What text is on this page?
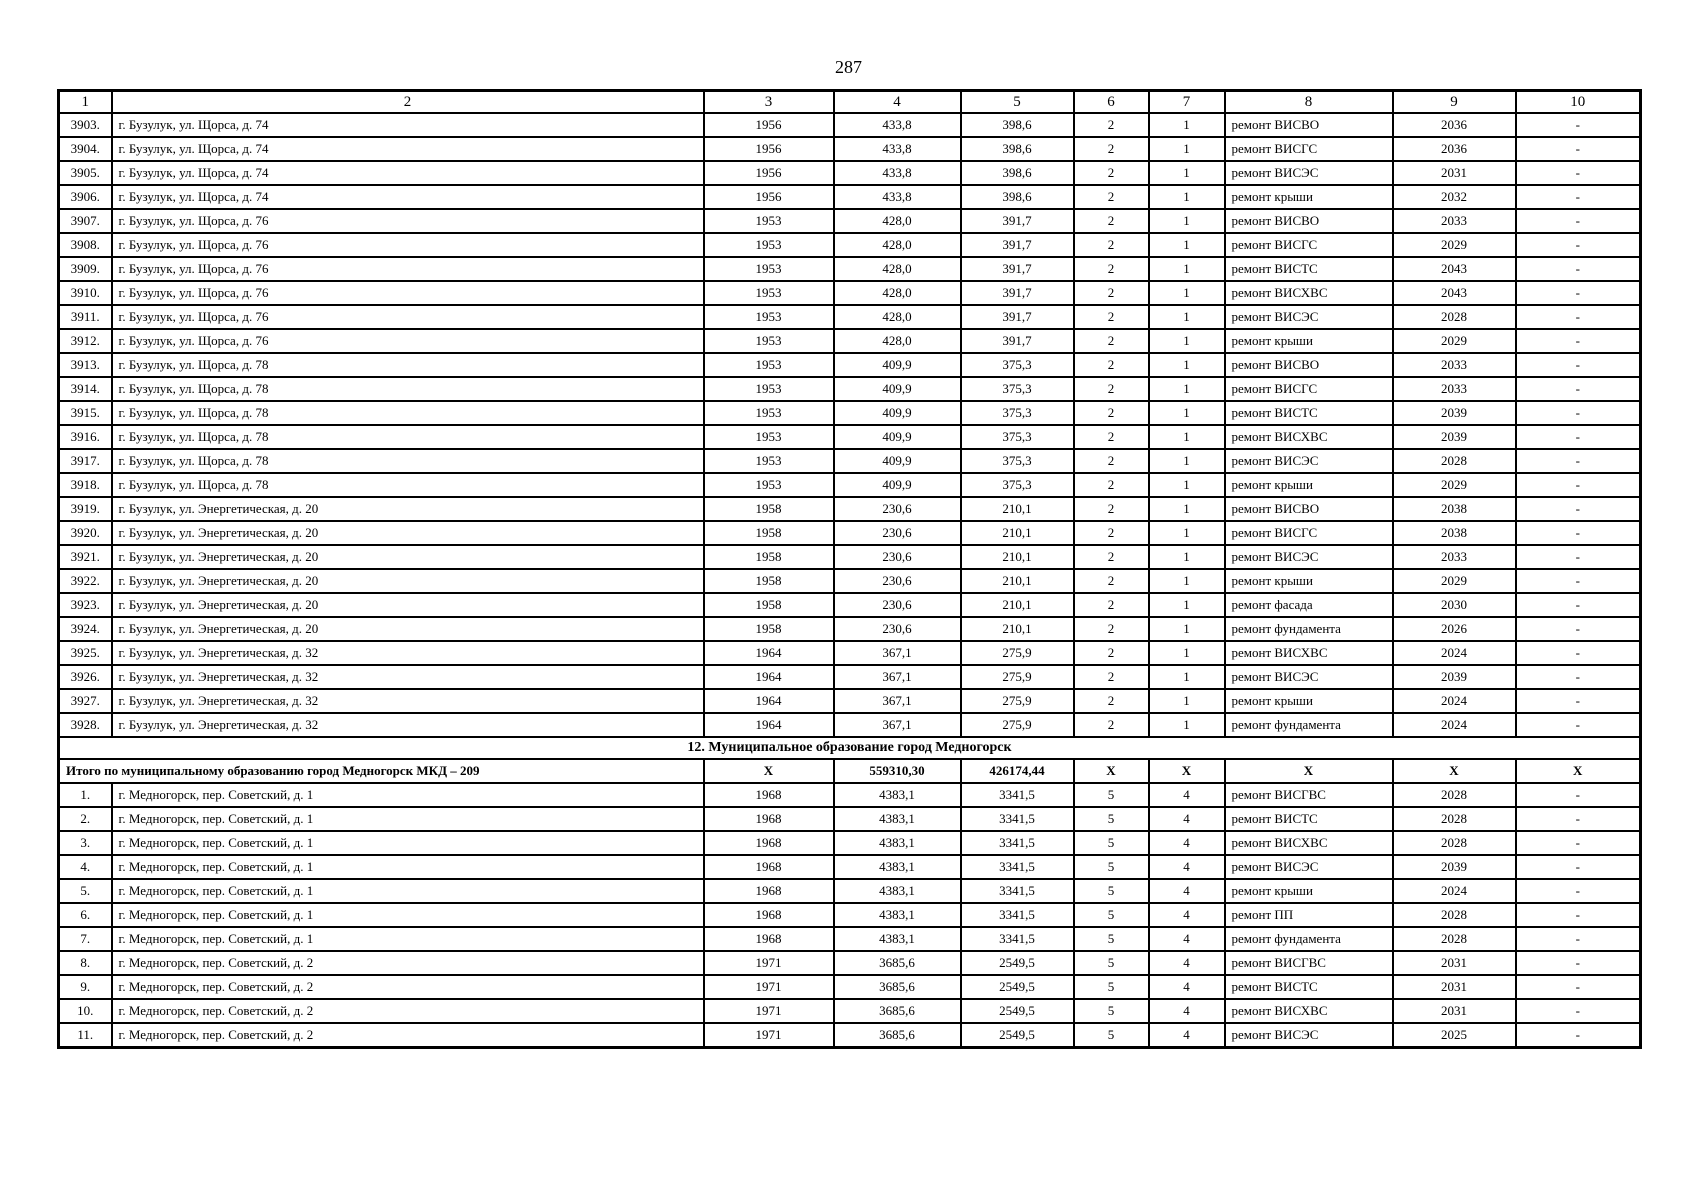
287
1	2	3	4	5	6	7	8	9	10
3903.	г. Бузулук, ул. Щорса, д. 74	1956	433,8	398,6	2	1	ремонт ВИСВО	2036	-
3904.	г. Бузулук, ул. Щорса, д. 74	1956	433,8	398,6	2	1	ремонт ВИСГС	2036	-
3905.	г. Бузулук, ул. Щорса, д. 74	1956	433,8	398,6	2	1	ремонт ВИСЭС	2031	-
3906.	г. Бузулук, ул. Щорса, д. 74	1956	433,8	398,6	2	1	ремонт крыши	2032	-
3907.	г. Бузулук, ул. Щорса, д. 76	1953	428,0	391,7	2	1	ремонт ВИСВО	2033	-
3908.	г. Бузулук, ул. Щорса, д. 76	1953	428,0	391,7	2	1	ремонт ВИСГС	2029	-
3909.	г. Бузулук, ул. Щорса, д. 76	1953	428,0	391,7	2	1	ремонт ВИСТС	2043	-
3910.	г. Бузулук, ул. Щорса, д. 76	1953	428,0	391,7	2	1	ремонт ВИСХВС	2043	-
3911.	г. Бузулук, ул. Щорса, д. 76	1953	428,0	391,7	2	1	ремонт ВИСЭС	2028	-
3912.	г. Бузулук, ул. Щорса, д. 76	1953	428,0	391,7	2	1	ремонт крыши	2029	-
3913.	г. Бузулук, ул. Щорса, д. 78	1953	409,9	375,3	2	1	ремонт ВИСВО	2033	-
3914.	г. Бузулук, ул. Щорса, д. 78	1953	409,9	375,3	2	1	ремонт ВИСГС	2033	-
3915.	г. Бузулук, ул. Щорса, д. 78	1953	409,9	375,3	2	1	ремонт ВИСТС	2039	-
3916.	г. Бузулук, ул. Щорса, д. 78	1953	409,9	375,3	2	1	ремонт ВИСХВС	2039	-
3917.	г. Бузулук, ул. Щорса, д. 78	1953	409,9	375,3	2	1	ремонт ВИСЭС	2028	-
3918.	г. Бузулук, ул. Щорса, д. 78	1953	409,9	375,3	2	1	ремонт крыши	2029	-
3919.	г. Бузулук, ул. Энергетическая, д. 20	1958	230,6	210,1	2	1	ремонт ВИСВО	2038	-
3920.	г. Бузулук, ул. Энергетическая, д. 20	1958	230,6	210,1	2	1	ремонт ВИСГС	2038	-
3921.	г. Бузулук, ул. Энергетическая, д. 20	1958	230,6	210,1	2	1	ремонт ВИСЭС	2033	-
3922.	г. Бузулук, ул. Энергетическая, д. 20	1958	230,6	210,1	2	1	ремонт крыши	2029	-
3923.	г. Бузулук, ул. Энергетическая, д. 20	1958	230,6	210,1	2	1	ремонт фасада	2030	-
3924.	г. Бузулук, ул. Энергетическая, д. 20	1958	230,6	210,1	2	1	ремонт фундамента	2026	-
3925.	г. Бузулук, ул. Энергетическая, д. 32	1964	367,1	275,9	2	1	ремонт ВИСХВС	2024	-
3926.	г. Бузулук, ул. Энергетическая, д. 32	1964	367,1	275,9	2	1	ремонт ВИСЭС	2039	-
3927.	г. Бузулук, ул. Энергетическая, д. 32	1964	367,1	275,9	2	1	ремонт крыши	2024	-
3928.	г. Бузулук, ул. Энергетическая, д. 32	1964	367,1	275,9	2	1	ремонт фундамента	2024	-
12. Муниципальное образование город Медногорск									
Итого по муниципальному образованию город Медногорск МКД – 209		Х	559310,30	426174,44	Х	Х	Х	Х	Х
1.	г. Медногорск, пер. Советский, д. 1	1968	4383,1	3341,5	5	4	ремонт ВИСГВС	2028	-
2.	г. Медногорск, пер. Советский, д. 1	1968	4383,1	3341,5	5	4	ремонт ВИСТС	2028	-
3.	г. Медногорск, пер. Советский, д. 1	1968	4383,1	3341,5	5	4	ремонт ВИСХВС	2028	-
4.	г. Медногорск, пер. Советский, д. 1	1968	4383,1	3341,5	5	4	ремонт ВИСЭС	2039	-
5.	г. Медногорск, пер. Советский, д. 1	1968	4383,1	3341,5	5	4	ремонт крыши	2024	-
6.	г. Медногорск, пер. Советский, д. 1	1968	4383,1	3341,5	5	4	ремонт ПП	2028	-
7.	г. Медногорск, пер. Советский, д. 1	1968	4383,1	3341,5	5	4	ремонт фундамента	2028	-
8.	г. Медногорск, пер. Советский, д. 2	1971	3685,6	2549,5	5	4	ремонт ВИСГВС	2031	-
9.	г. Медногорск, пер. Советский, д. 2	1971	3685,6	2549,5	5	4	ремонт ВИСТС	2031	-
10.	г. Медногорск, пер. Советский, д. 2	1971	3685,6	2549,5	5	4	ремонт ВИСХВС	2031	-
11.	г. Медногорск, пер. Советский, д. 2	1971	3685,6	2549,5	5	4	ремонт ВИСЭС	2025	-
